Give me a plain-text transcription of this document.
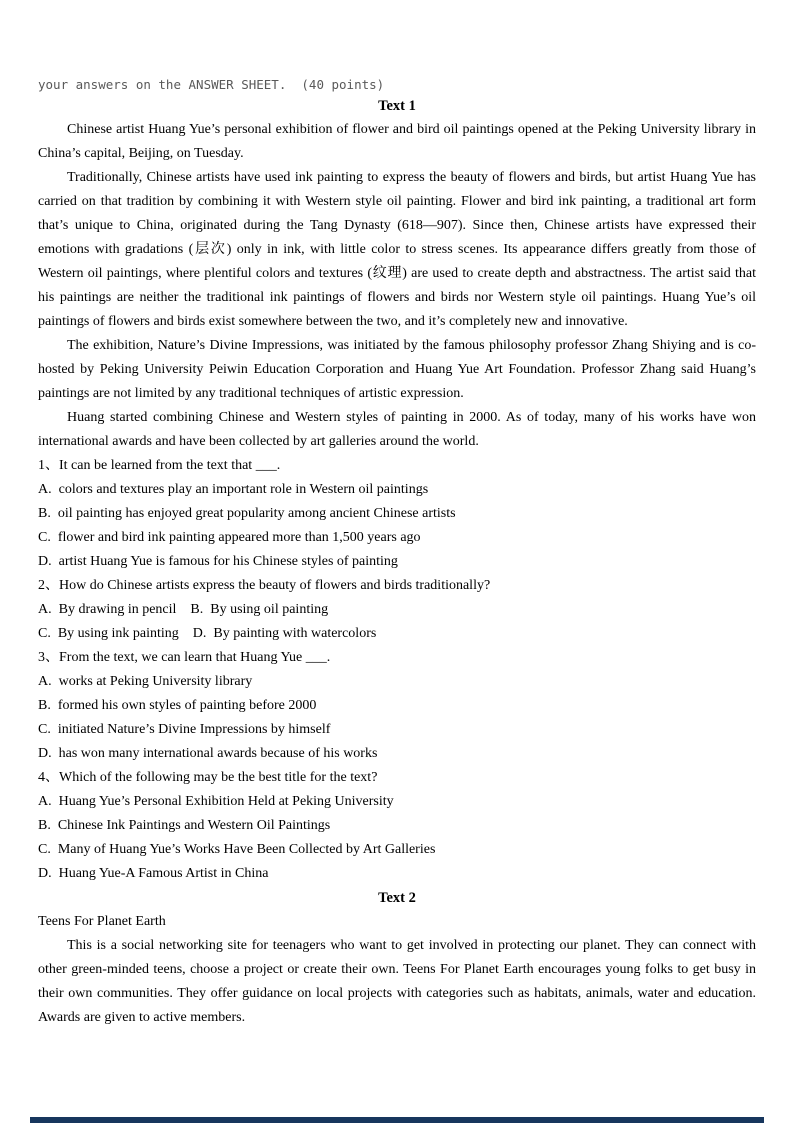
your answers on the ANSWER SHEET.  (40 points)
Text 1

Chinese artist Huang Yue’s personal exhibition of flower and bird oil paintings opened at the Peking University library in China’s capital, Beijing, on Tuesday.

Traditionally, Chinese artists have used ink painting to express the beauty of flowers and birds, but artist Huang Yue has carried on that tradition by combining it with Western style oil painting. Flower and bird ink painting, a traditional art form that’s unique to China, originated during the Tang Dynasty (618—907). Since then, Chinese artists have expressed their emotions with gradations (层次) only in ink, with little color to stress scenes. Its appearance differs greatly from those of Western oil paintings, where plentiful colors and textures (纹理) are used to create depth and abstractness. The artist said that his paintings are neither the traditional ink paintings of flowers and birds nor Western style oil paintings. Huang Yue’s oil paintings of flowers and birds exist somewhere between the two, and it’s completely new and innovative.

The exhibition, Nature’s Divine Impressions, was initiated by the famous philosophy professor Zhang Shiying and is co-hosted by Peking University Peiwin Education Corporation and Huang Yue Art Foundation. Professor Zhang said Huang’s paintings are not limited by any traditional techniques of artistic expression.

Huang started combining Chinese and Western styles of painting in 2000. As of today, many of his works have won international awards and have been collected by art galleries around the world.

1、It can be learned from the text that ___.
A.  colors and textures play an important role in Western oil paintings
B.  oil painting has enjoyed great popularity among ancient Chinese artists
C.  flower and bird ink painting appeared more than 1,500 years ago
D.  artist Huang Yue is famous for his Chinese styles of painting
2、How do Chinese artists express the beauty of flowers and birds traditionally?
A.  By drawing in pencil    B.  By using oil painting
C.  By using ink painting    D.  By painting with watercolors
3、From the text, we can learn that Huang Yue ___.
A.  works at Peking University library
B.  formed his own styles of painting before 2000
C.  initiated Nature’s Divine Impressions by himself
D.  has won many international awards because of his works
4、Which of the following may be the best title for the text?
A.  Huang Yue’s Personal Exhibition Held at Peking University
B.  Chinese Ink Paintings and Western Oil Paintings
C.  Many of Huang Yue’s Works Have Been Collected by Art Galleries
D.  Huang Yue-A Famous Artist in China
Text 2
Teens For Planet Earth

This is a social networking site for teenagers who want to get involved in protecting our planet. They can connect with other green-minded teens, choose a project or create their own. Teens For Planet Earth encourages young folks to get busy in their own communities. They offer guidance on local projects with categories such as habitats, animals, water and education. Awards are given to active members.
